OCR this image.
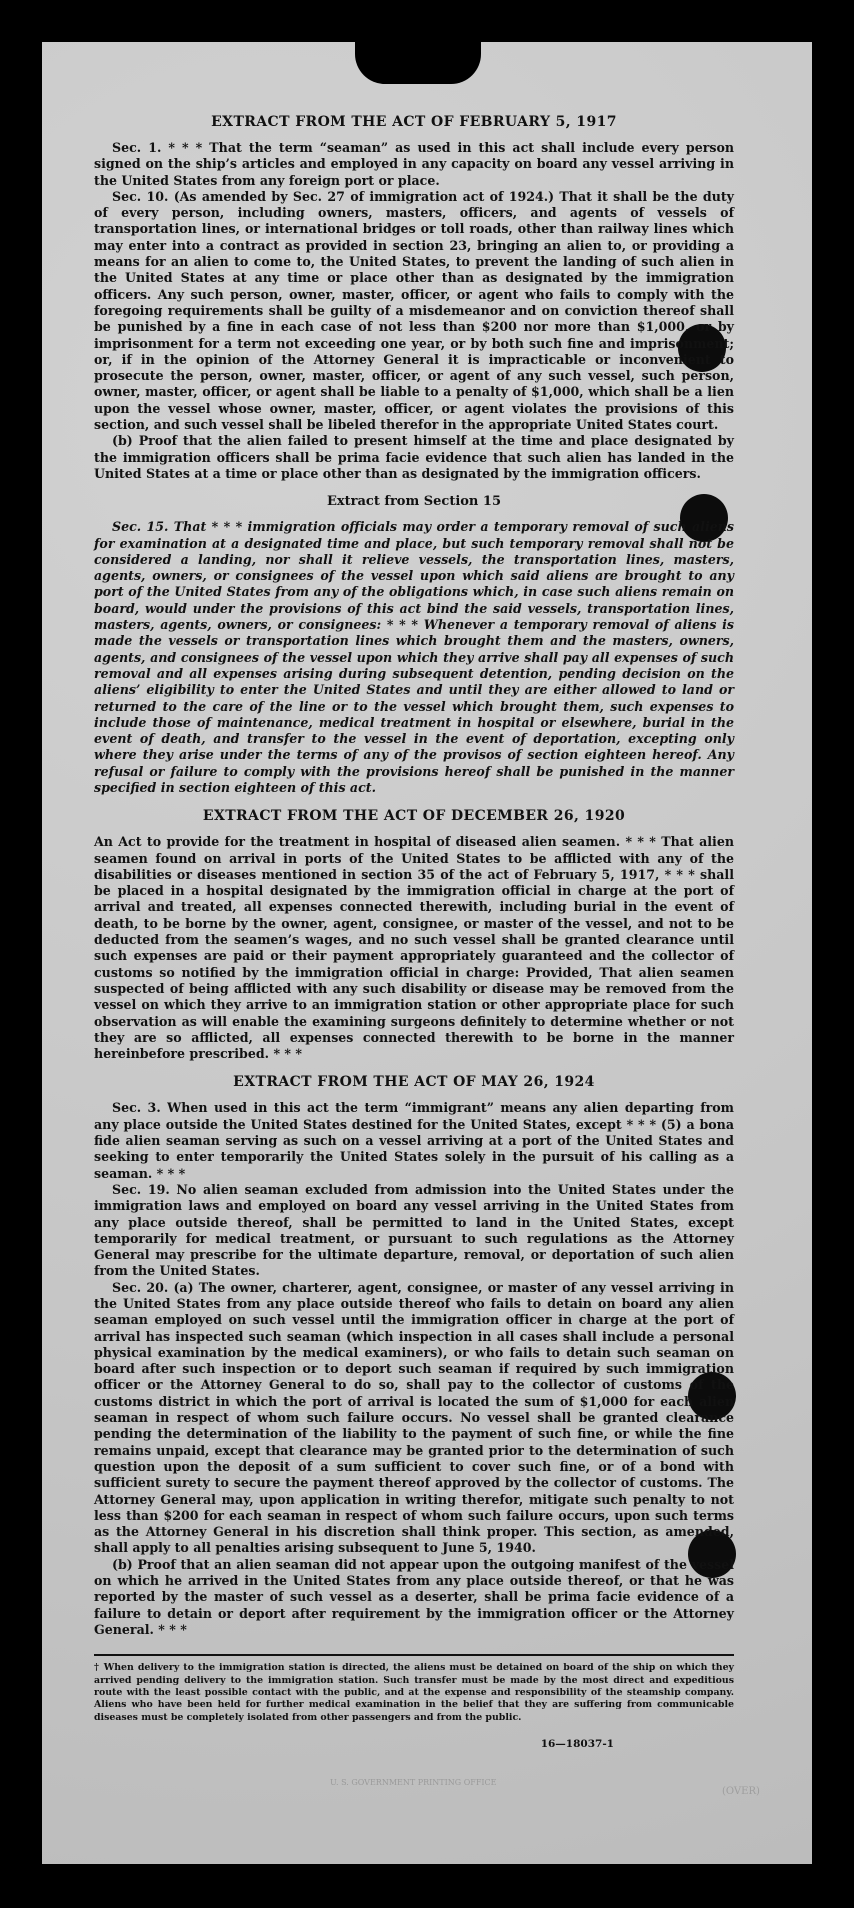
EXTRACT FROM THE ACT OF FEBRUARY 5, 1917

Sec. 1. * * * That the term “seaman” as used in this act shall include every person signed on the ship’s articles and employed in any capacity on board any vessel arriving in the United States from any foreign port or place.

Sec. 10. (As amended by Sec. 27 of immigration act of 1924.) That it shall be the duty of every person, including owners, masters, officers, and agents of vessels of transportation lines, or international bridges or toll roads, other than railway lines which may enter into a contract as provided in section 23, bringing an alien to, or providing a means for an alien to come to, the United States, to prevent the landing of such alien in the United States at any time or place other than as designated by the immigration officers. Any such person, owner, master, officer, or agent who fails to comply with the foregoing requirements shall be guilty of a misdemeanor and on conviction thereof shall be punished by a fine in each case of not less than $200 nor more than $1,000, or by imprisonment for a term not exceeding one year, or by both such fine and imprisonment; or, if in the opinion of the Attorney General it is impracticable or inconvenient to prosecute the person, owner, master, officer, or agent of any such vessel, such person, owner, master, officer, or agent shall be liable to a penalty of $1,000, which shall be a lien upon the vessel whose owner, master, officer, or agent violates the provisions of this section, and such vessel shall be libeled therefor in the appropriate United States court.

(b) Proof that the alien failed to present himself at the time and place designated by the immigration officers shall be prima facie evidence that such alien has landed in the United States at a time or place other than as designated by the immigration officers.

Extract from Section 15

Sec. 15. That * * * immigration officials may order a temporary removal of such aliens for examination at a designated time and place, but such temporary removal shall not be considered a landing, nor shall it relieve vessels, the transportation lines, masters, agents, owners, or consignees of the vessel upon which said aliens are brought to any port of the United States from any of the obligations which, in case such aliens remain on board, would under the provisions of this act bind the said vessels, transportation lines, masters, agents, owners, or consignees: * * * Whenever a temporary removal of aliens is made the vessels or transportation lines which brought them and the masters, owners, agents, and consignees of the vessel upon which they arrive shall pay all expenses of such removal and all expenses arising during subsequent detention, pending decision on the aliens’ eligibility to enter the United States and until they are either allowed to land or returned to the care of the line or to the vessel which brought them, such expenses to include those of maintenance, medical treatment in hospital or elsewhere, burial in the event of death, and transfer to the vessel in the event of deportation, excepting only where they arise under the terms of any of the provisos of section eighteen hereof. Any refusal or failure to comply with the provisions hereof shall be punished in the manner specified in section eighteen of this act.

EXTRACT FROM THE ACT OF DECEMBER 26, 1920

An Act to provide for the treatment in hospital of diseased alien seamen. * * * That alien seamen found on arrival in ports of the United States to be afflicted with any of the disabilities or diseases mentioned in section 35 of the act of February 5, 1917, * * * shall be placed in a hospital designated by the immigration official in charge at the port of arrival and treated, all expenses connected therewith, including burial in the event of death, to be borne by the owner, agent, consignee, or master of the vessel, and not to be deducted from the seamen’s wages, and no such vessel shall be granted clearance until such expenses are paid or their payment appropriately guaranteed and the collector of customs so notified by the immigration official in charge: Provided, That alien seamen suspected of being afflicted with any such disability or disease may be removed from the vessel on which they arrive to an immigration station or other appropriate place for such observation as will enable the examining surgeons definitely to determine whether or not they are so afflicted, all expenses connected therewith to be borne in the manner hereinbefore prescribed. * * *

EXTRACT FROM THE ACT OF MAY 26, 1924

Sec. 3. When used in this act the term “immigrant” means any alien departing from any place outside the United States destined for the United States, except * * * (5) a bona fide alien seaman serving as such on a vessel arriving at a port of the United States and seeking to enter temporarily the United States solely in the pursuit of his calling as a seaman. * * *

Sec. 19. No alien seaman excluded from admission into the United States under the immigration laws and employed on board any vessel arriving in the United States from any place outside thereof, shall be permitted to land in the United States, except temporarily for medical treatment, or pursuant to such regulations as the Attorney General may prescribe for the ultimate departure, removal, or deportation of such alien from the United States.

Sec. 20. (a) The owner, charterer, agent, consignee, or master of any vessel arriving in the United States from any place outside thereof who fails to detain on board any alien seaman employed on such vessel until the immigration officer in charge at the port of arrival has inspected such seaman (which inspection in all cases shall include a personal physical examination by the medical examiners), or who fails to detain such seaman on board after such inspection or to deport such seaman if required by such immigration officer or the Attorney General to do so, shall pay to the collector of customs of the customs district in which the port of arrival is located the sum of $1,000 for each alien seaman in respect of whom such failure occurs. No vessel shall be granted clearance pending the determination of the liability to the payment of such fine, or while the fine remains unpaid, except that clearance may be granted prior to the determination of such question upon the deposit of a sum sufficient to cover such fine, or of a bond with sufficient surety to secure the payment thereof approved by the collector of customs. The Attorney General may, upon application in writing therefor, mitigate such penalty to not less than $200 for each seaman in respect of whom such failure occurs, upon such terms as the Attorney General in his discretion shall think proper. This section, as amended, shall apply to all penalties arising subsequent to June 5, 1940.

(b) Proof that an alien seaman did not appear upon the outgoing manifest of the vessel on which he arrived in the United States from any place outside thereof, or that he was reported by the master of such vessel as a deserter, shall be prima facie evidence of a failure to detain or deport after requirement by the immigration officer or the Attorney General. * * *

† When delivery to the immigration station is directed, the aliens must be detained on board of the ship on which they arrived pending delivery to the immigration station. Such transfer must be made by the most direct and expeditious route with the least possible contact with the public, and at the expense and responsibility of the steamship company. Aliens who have been held for further medical examination in the belief that they are suffering from communicable diseases must be completely isolated from other passengers and from the public.
16—18037-1
U. S. GOVERNMENT PRINTING OFFICE
(OVER)
